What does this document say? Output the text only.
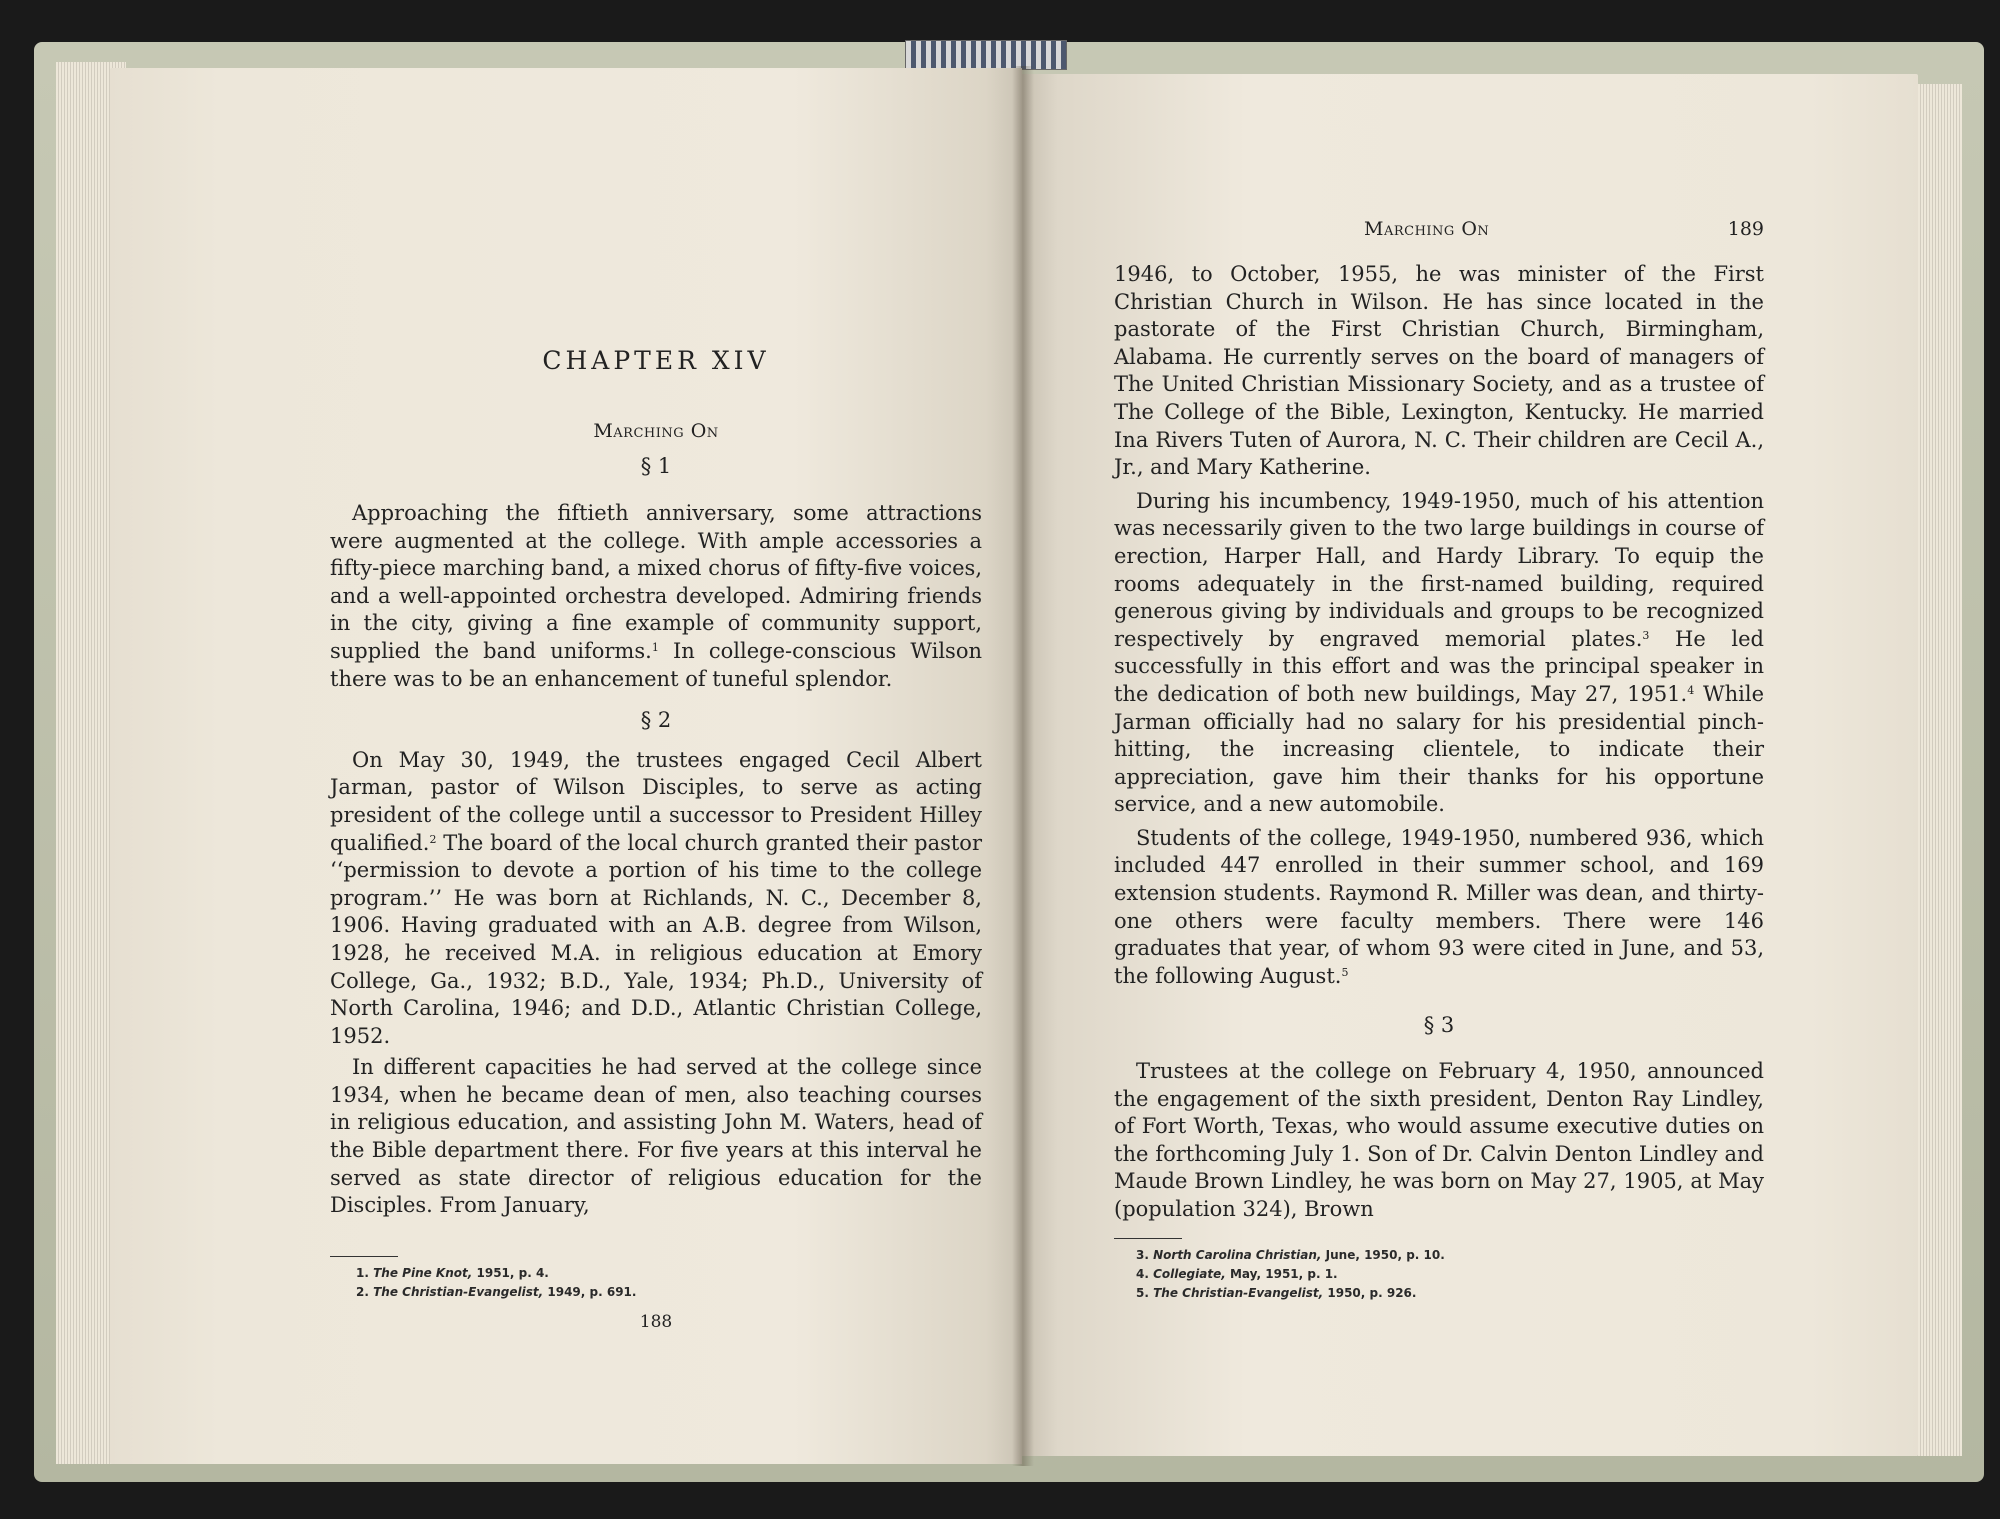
CHAPTER XIV
Marching On
§ 1

Approaching the fiftieth anniversary, some attractions were augmented at the college. With ample accessories a fifty-piece marching band, a mixed chorus of fifty-five voices, and a well-appointed orchestra developed. Admiring friends in the city, giving a fine example of community support, supplied the band uniforms.$^1$ In college-conscious Wilson there was to be an enhancement of tuneful splendor.

§ 2

On May 30, 1949, the trustees engaged Cecil Albert Jarman, pastor of Wilson Disciples, to serve as acting president of the college until a successor to President Hilley qualified.$^2$ The board of the local church granted their pastor ‘‘permission to devote a portion of his time to the college program.’’ He was born at Richlands, N. C., December 8, 1906. Having graduated with an A.B. degree from Wilson, 1928, he received M.A. in religious education at Emory College, Ga., 1932; B.D., Yale, 1934; Ph.D., University of North Carolina, 1946; and D.D., Atlantic Christian College, 1952.

In different capacities he had served at the college since 1934, when he became dean of men, also teaching courses in religious education, and assisting John M. Waters, head of the Bible department there. For five years at this interval he served as state director of religious education for the Disciples. From January,

1. The Pine Knot, 1951, p. 4.
2. The Christian-Evangelist, 1949, p. 691.
188
Marching On	189

1946, to October, 1955, he was minister of the First Christian Church in Wilson. He has since located in the pastorate of the First Christian Church, Birmingham, Alabama. He currently serves on the board of managers of The United Christian Missionary Society, and as a trustee of The College of the Bible, Lexington, Kentucky. He married Ina Rivers Tuten of Aurora, N. C. Their children are Cecil A., Jr., and Mary Katherine.

During his incumbency, 1949-1950, much of his attention was necessarily given to the two large buildings in course of erection, Harper Hall, and Hardy Library. To equip the rooms adequately in the first-named building, required generous giving by individuals and groups to be recognized respectively by engraved memorial plates.$^3$ He led successfully in this effort and was the principal speaker in the dedication of both new buildings, May 27, 1951.$^4$ While Jarman officially had no salary for his presidential pinch-hitting, the increasing clientele, to indicate their appreciation, gave him their thanks for his opportune service, and a new automobile.

Students of the college, 1949-1950, numbered 936, which included 447 enrolled in their summer school, and 169 extension students. Raymond R. Miller was dean, and thirty-one others were faculty members. There were 146 graduates that year, of whom 93 were cited in June, and 53, the following August.$^5$

§ 3

Trustees at the college on February 4, 1950, announced the engagement of the sixth president, Denton Ray Lindley, of Fort Worth, Texas, who would assume executive duties on the forthcoming July 1. Son of Dr. Calvin Denton Lindley and Maude Brown Lindley, he was born on May 27, 1905, at May (population 324), Brown

3. North Carolina Christian, June, 1950, p. 10.
4. Collegiate, May, 1951, p. 1.
5. The Christian-Evangelist, 1950, p. 926.
